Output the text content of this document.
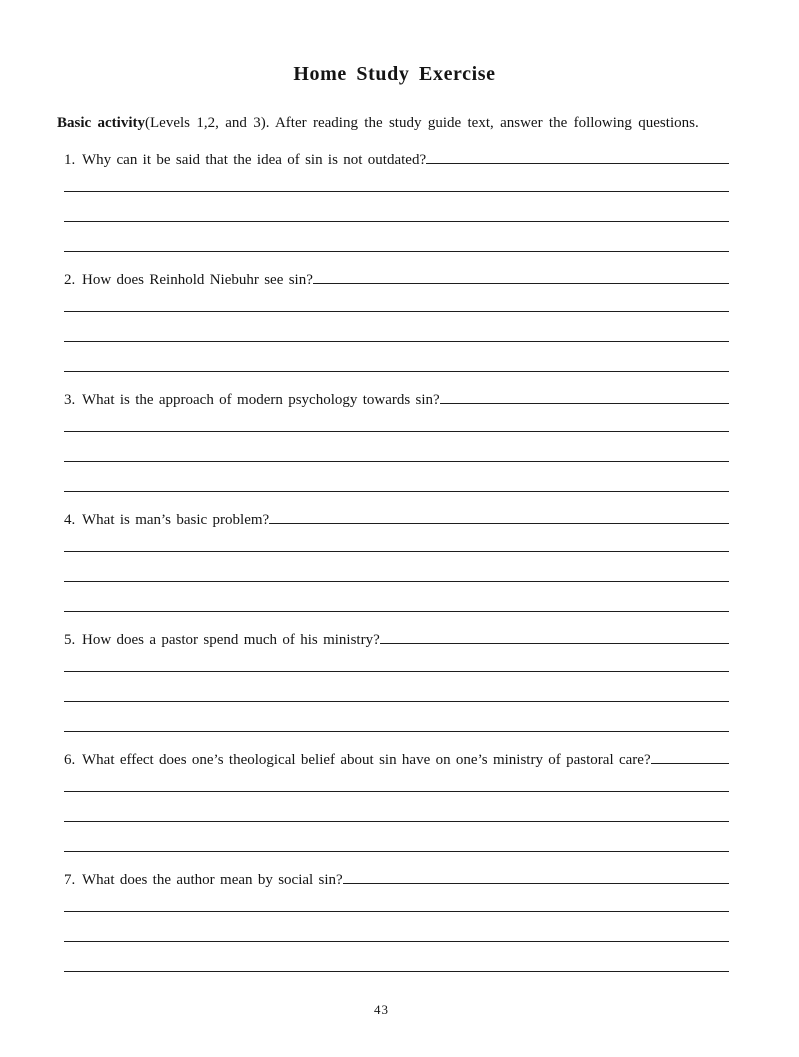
Home Study Exercise
Basic activity(Levels 1,2, and 3). After reading the study guide text, answer the following questions.
1. Why can it be said that the idea of sin is not outdated?
2. How does Reinhold Niebuhr see sin?
3. What is the approach of modern psychology towards sin?
4. What is man’s basic problem?
5. How does a pastor spend much of his ministry?
6. What effect does one’s theological belief about sin have on one’s ministry of pastoral care?
7. What does the author mean by social sin?
43
